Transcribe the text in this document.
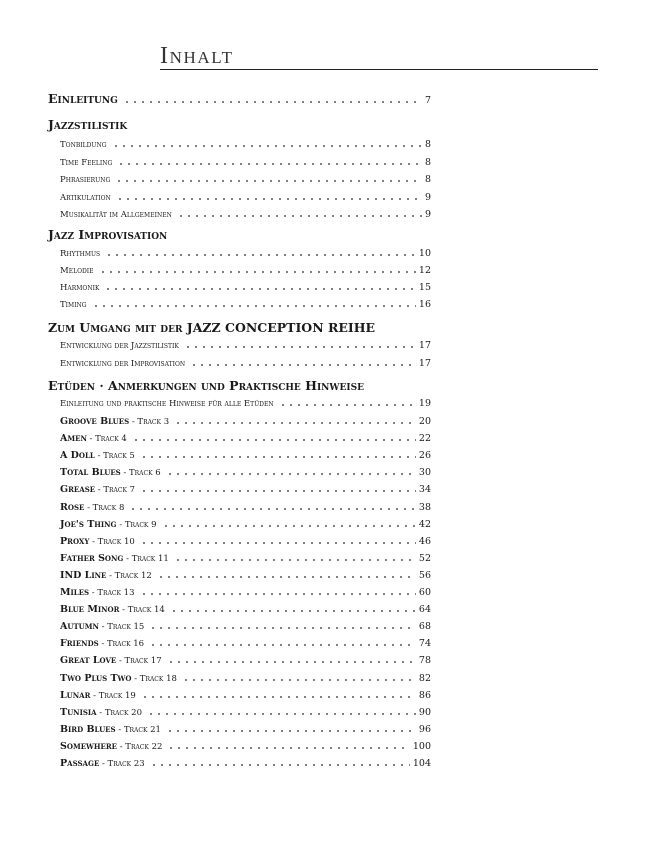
Inhalt
Einleitung	7
Jazzstilistik
Tonbildung	8
Time Feeling	8
Phrasierung	8
Artikulation	9
Musikalität im Allgemeinen	9
Jazz Improvisation
Rhythmus	10
Melodie	12
Harmonik	15
Timing	16
Zum Umgang mit der JAZZ CONCEPTION REIHE
Entwicklung der Jazzstilistik	17
Entwicklung der Improvisation	17
Etüden · Anmerkungen und Praktische Hinweise
Einleitung und praktische Hinweise für alle Etüden	19
Groove Blues - Track 3	20
Amen - Track 4	22
A Doll - Track 5	26
Total Blues - Track 6	30
Grease - Track 7	34
Rose - Track 8	38
Joe's Thing - Track 9	42
Proxy - Track 10	46
Father Song - Track 11	52
IND Line - Track 12	56
Miles - Track 13	60
Blue Minor - Track 14	64
Autumn - Track 15	68
Friends - Track 16	74
Great Love - Track 17	78
Two Plus Two - Track 18	82
Lunar - Track 19	86
Tunisia - Track 20	90
Bird Blues - Track 21	96
Somewhere - Track 22	100
Passage - Track 23	104
